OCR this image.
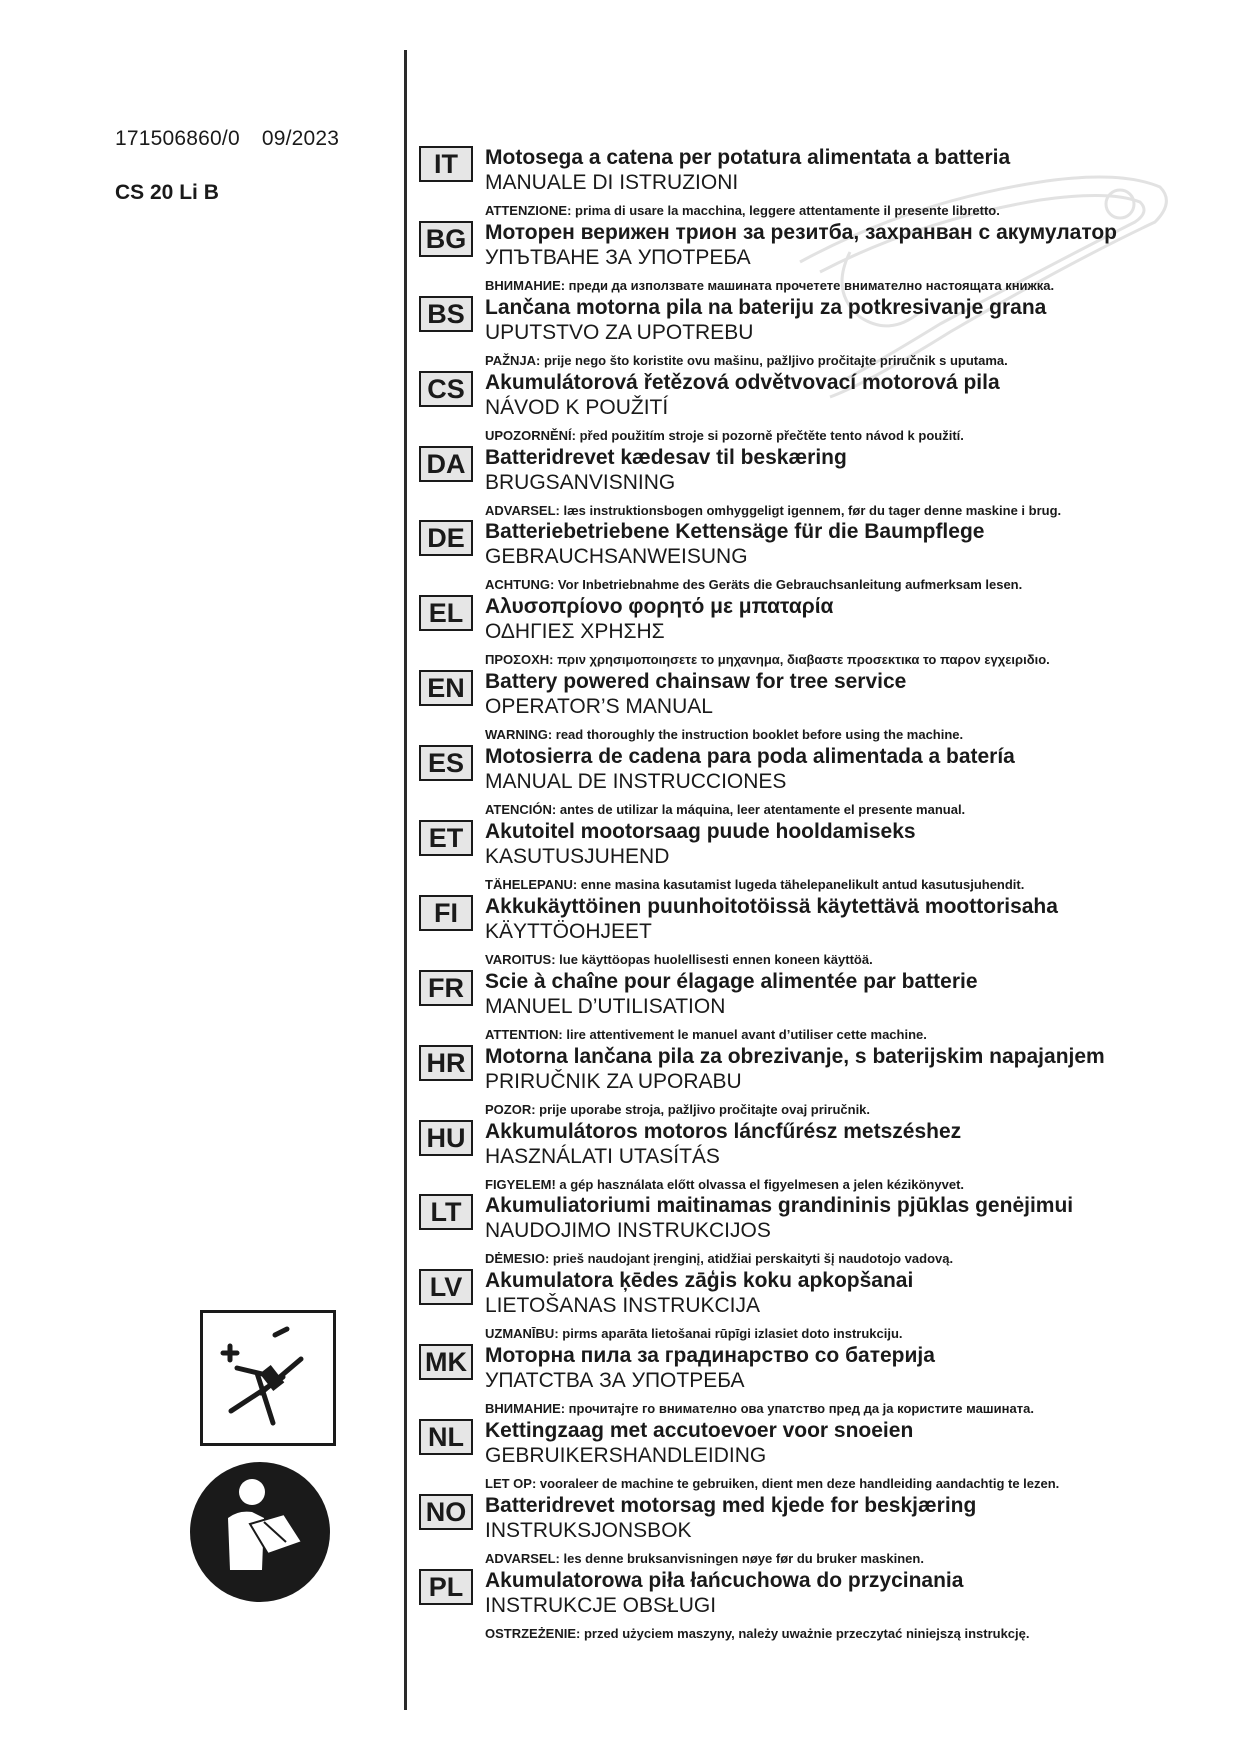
171506860/0 09/2023
CS 20 Li B
IT	Motosega a catena per potatura alimentata a batteria
MANUALE DI ISTRUZIONI
ATTENZIONE: prima di usare la macchina, leggere attentamente il presente libretto.
BG Моторен верижен трион за резитба, захранван с акумулатор
УПЪТВАНЕ ЗА УПОТРЕБА
ВНИМАНИЕ: преди да използвате машината прочетете внимателно настоящата книжка.
BS Lančana motorna pila na bateriju za potkresivanje grana
UPUTSTVO ZA UPOTREBU
PAŽNJA: prije nego što koristite ovu mašinu, pažljivo pročitajte priručnik s uputama.
CS Akumulátorová řetězová odvětvovací motorová pila
NÁVOD K POUŽITÍ
UPOZORNĚNÍ: před použitím stroje si pozorně přečtěte tento návod k použití.
DA Batteridrevet kædesav til beskæring
BRUGSANVISNING
ADVARSEL: læs instruktionsbogen omhyggeligt igennem, før du tager denne maskine i brug.
DE Batteriebetriebene Kettensäge für die Baumpflege
GEBRAUCHSANWEISUNG
ACHTUNG: Vor Inbetriebnahme des Geräts die Gebrauchsanleitung aufmerksam lesen.
EL	Αλυσοπρίονο φορητό με μπαταρία
ΟΔΗΓΙΕΣ ΧΡΗΣΗΣ
ΠΡΟΣΟΧΗ: πριν χρησιμοποιησετε το μηχανημα, διαβαστε προσεκτικα το παρον εγχειριδιο.
EN Battery powered chainsaw for tree service
OPERATOR’S MANUAL
WARNING: read thoroughly the instruction booklet before using the machine.
ES Motosierra de cadena para poda alimentada a batería
MANUAL DE INSTRUCCIONES
ATENCIÓN: antes de utilizar la máquina, leer atentamente el presente manual.
ET	Akutoitel mootorsaag puude hooldamiseks
KASUTUSJUHEND
TÄHELEPANU: enne masina kasutamist lugeda tähelepanelikult antud kasutusjuhendit.
FI	Akkukäyttöinen puunhoitotöissä käytettävä moottorisaha
KÄYTTÖOHJEET
VAROITUS: lue käyttöopas huolellisesti ennen koneen käyttöä.
FR	Scie à chaîne pour élagage alimentée par batterie
MANUEL D’UTILISATION
ATTENTION: lire attentivement le manuel avant d’utiliser cette machine.
HR Motorna lančana pila za obrezivanje, s baterijskim napajanjem
PRIRUČNIK ZA UPORABU
POZOR: prije uporabe stroja, pažljivo pročitajte ovaj priručnik.
HU Akkumulátoros motoros láncfűrész metszéshez
HASZNÁLATI UTASÍTÁS
FIGYELEM! a gép használata előtt olvassa el figyelmesen a jelen kézikönyvet.
LT	Akumuliatoriumi maitinamas grandininis pjūklas genėjimui
NAUDOJIMO INSTRUKCIJOS
DĖMESIO: prieš naudojant įrenginį, atidžiai perskaityti šį naudotojo vadovą.
LV	Akumulatora ķēdes zāģis koku apkopšanai
LIETOŠANAS INSTRUKCIJA
UZMANĪBU: pirms aparāta lietošanai rūpīgi izlasiet doto instrukciju.
MK Моторна пила за градинарство со батерија
УПАТСТВА ЗА УПОТРЕБА
ВНИМАНИЕ: прочитајте го внимателно ова упатство пред да ја користите машината.
NL	Kettingzaag met accutoevoer voor snoeien
GEBRUIKERSHANDLEIDING
LET OP: vooraleer de machine te gebruiken, dient men deze handleiding aandachtig te lezen.
NO Batteridrevet motorsag med kjede for beskjæring
INSTRUKSJONSBOK
ADVARSEL: les denne bruksanvisningen nøye før du bruker maskinen.
PL	Akumulatorowa piła łańcuchowa do przycinania
INSTRUKCJE OBSŁUGI
OSTRZEŻENIE: przed użyciem maszyny, należy uważnie przeczytać niniejszą instrukcję.
